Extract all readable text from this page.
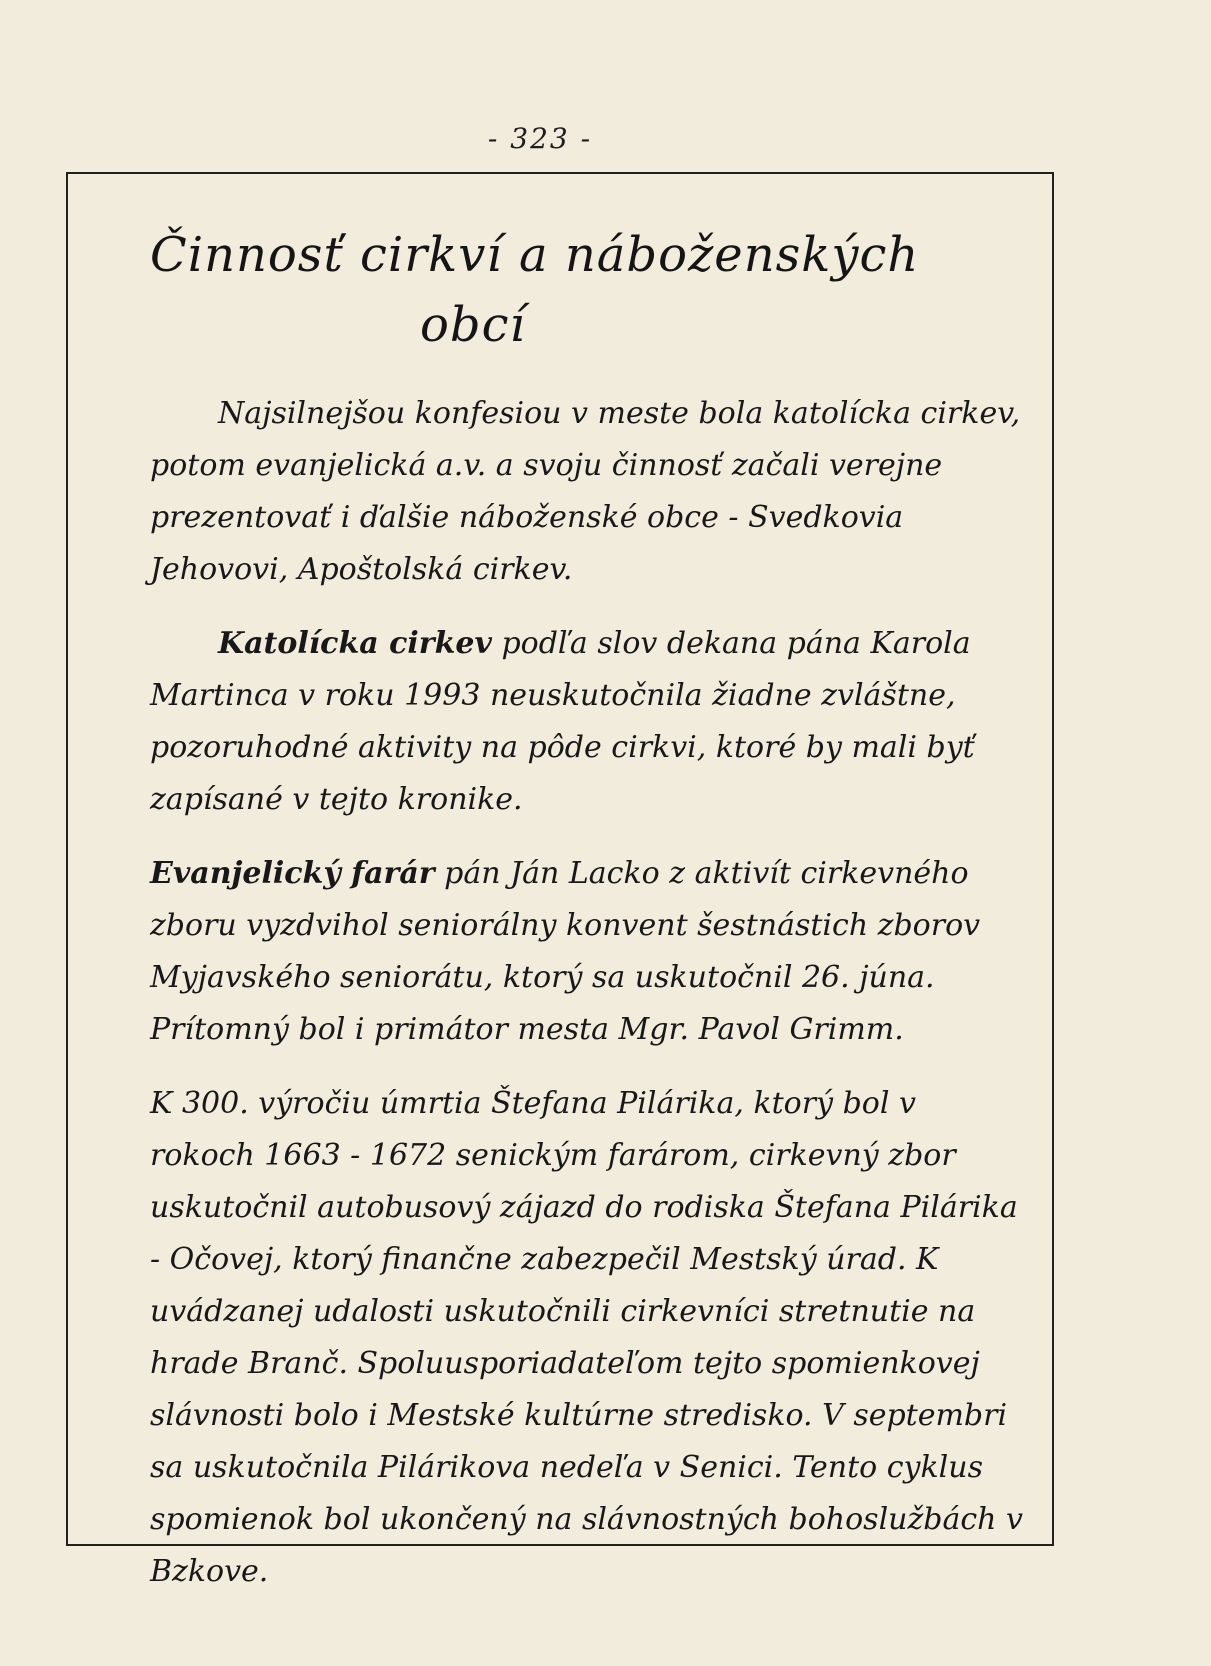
- 323 -
Činnosť cirkví a náboženských
obcí

Najsilnejšou konfesiou v meste bola katolícka cirkev, potom evanjelická a.v. a svoju činnosť začali verejne prezentovať i ďalšie náboženské obce - Svedkovia Jehovovi, Apoštolská cirkev.

Katolícka cirkev podľa slov dekana pána Karola Martinca v roku 1993 neuskutočnila žiadne zvláštne, pozoruhodné aktivity na pôde cirkvi, ktoré by mali byť zapísané v tejto kronike.

Evanjelický farár pán Ján Lacko z aktivít cirkevného zboru vyzdvihol seniorálny konvent šestnástich zborov Myjavského seniorátu, ktorý sa uskutočnil 26. júna. Prítomný bol i primátor mesta Mgr. Pavol Grimm.

K 300. výročiu úmrtia Štefana Pilárika, ktorý bol v rokoch 1663 - 1672 senickým farárom, cirkevný zbor uskutočnil autobusový zájazd do rodiska Štefana Pilárika - Očovej, ktorý finančne zabezpečil Mestský úrad. K uvádzanej udalosti uskutočnili cirkevníci stretnutie na hrade Branč. Spoluusporiadateľom tejto spomienkovej slávnosti bolo i Mestské kultúrne stredisko. V septembri sa uskutočnila Pilárikova nedeľa v Senici. Tento cyklus spomienok bol ukončený na slávnostných bohoslužbách v Bzkove.
